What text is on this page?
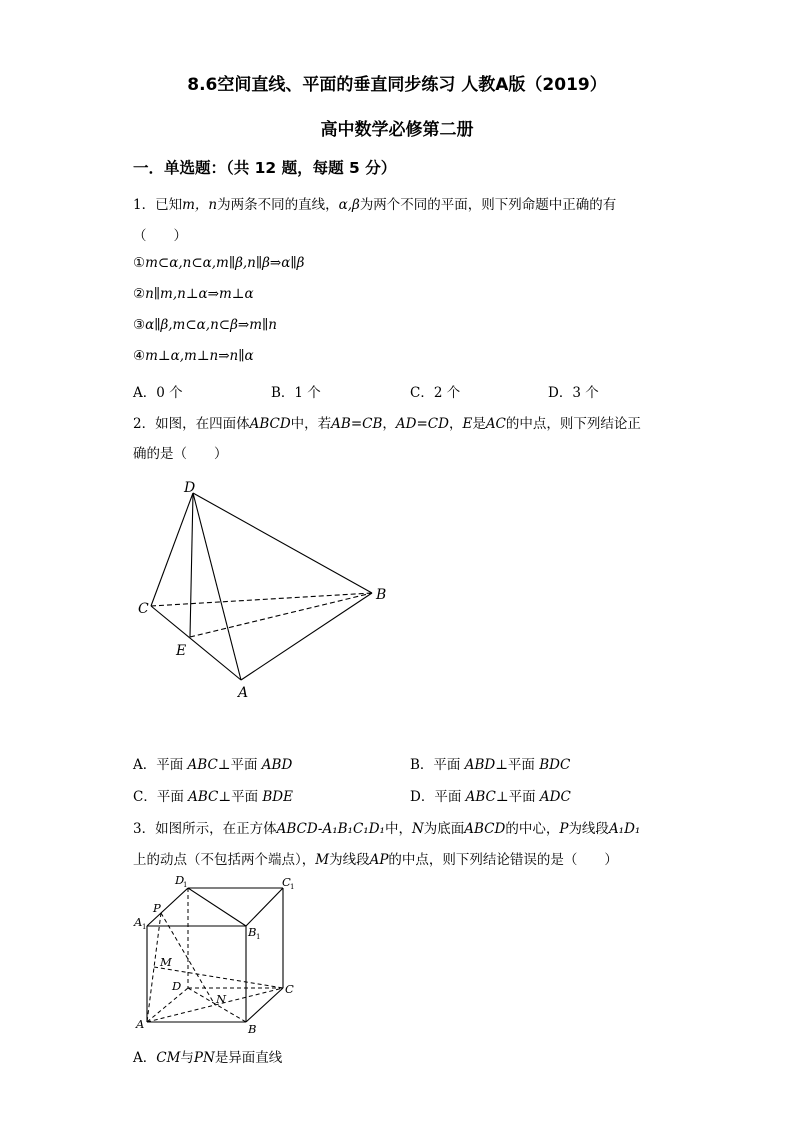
8.6空间直线、平面的垂直同步练习 人教A版（2019）
高中数学必修第二册
一．单选题：（共 12 题，每题 5 分）
1．已知m，n为两条不同的直线，α,β为两个不同的平面，则下列命题中正确的有
（　　）
①m⊂α,n⊂α,m∥β,n∥β⇒α∥β
②n∥m,n⊥α⇒m⊥α
③α∥β,m⊂α,n⊂β⇒m∥n
④m⊥α,m⊥n⇒n∥α
A．0 个	B．1 个	C．2 个	D．3 个
2．如图，在四面体ABCD中，若AB=CB，AD=CD，E是AC的中点，则下列结论正
确的是（　　）
D
C
B
E
A
D
1	C 1
A 1	B 1
P
M
D	C
N
A	B
A．平面 ABC⊥平面 ABD	B．平面 ABD⊥平面 BDC
C．平面 ABC⊥平面 BDE	D．平面 ABC⊥平面 ADC
3．如图所示，在正方体ABCD-A₁B₁C₁D₁中，N为底面ABCD的中心，P为线段A₁D₁
上的动点（不包括两个端点），M为线段AP的中点，则下列结论错误的是（　　）
A．CM与PN是异面直线
